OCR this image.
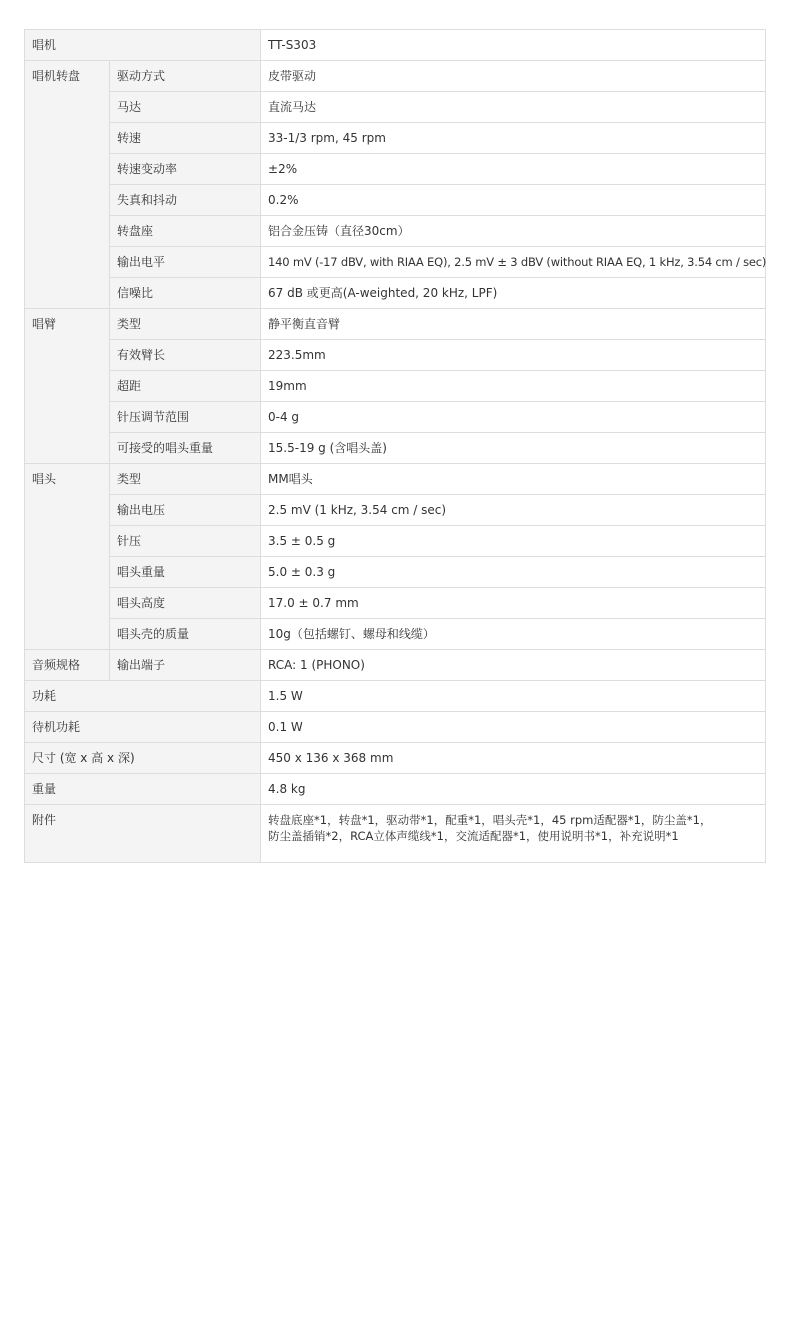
唱机		TT-S303
唱机转盘	驱动方式	皮带驱动
	马达	直流马达
	转速	33-1/3 rpm, 45 rpm
	转速变动率	±2%
	失真和抖动	0.2%
	转盘座	铝合金压铸（直径30cm）
	输出电平	140 mV (-17 dBV, with RIAA EQ), 2.5 mV ± 3 dBV (without RIAA EQ, 1 kHz, 3.54 cm / sec)
	信噪比	67 dB 或更高(A-weighted, 20 kHz, LPF)
唱臂	类型	静平衡直音臂
	有效臂长	223.5mm
	超距	19mm
	针压调节范围	0-4 g
	可接受的唱头重量	15.5-19 g (含唱头盖)
唱头	类型	MM唱头
	输出电压	2.5 mV (1 kHz, 3.54 cm / sec)
	针压	3.5 ± 0.5 g
	唱头重量	5.0 ± 0.3 g
	唱头高度	17.0 ± 0.7 mm
	唱头壳的质量	10g（包括螺钉、螺母和线缆）
音频规格	输出端子	RCA: 1 (PHONO)
功耗		1.5 W
待机功耗		0.1 W
尺寸 (宽 x 高 x 深)		450 x 136 x 368 mm
重量		4.8 kg
附件		转盘底座*1，转盘*1，驱动带*1，配重*1，唱头壳*1，45 rpm适配器*1，防尘盖*1，
防尘盖插销*2，RCA立体声缆线*1，交流适配器*1，使用说明书*1，补充说明*1
